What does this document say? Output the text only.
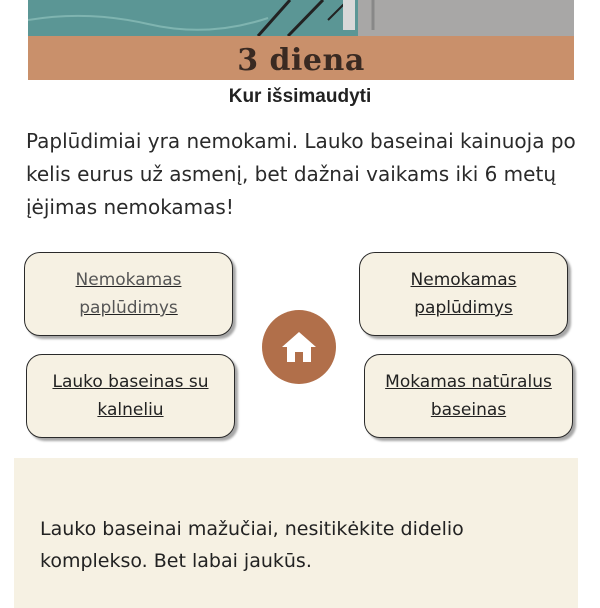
3 diena
Kur išsimaudyti

Paplūdimiai yra nemokami. Lauko baseinai kainuoja po kelis eurus už asmenį, bet dažnai vaikams iki 6 metų įėjimas nemokamas!

Nemokamas paplūdimys
Nemokamas paplūdimys
Lauko baseinas su kalneliu
Mokamas natūralus baseinas

Lauko baseinai mažučiai, nesitikėkite didelio komplekso. Bet labai jaukūs.
